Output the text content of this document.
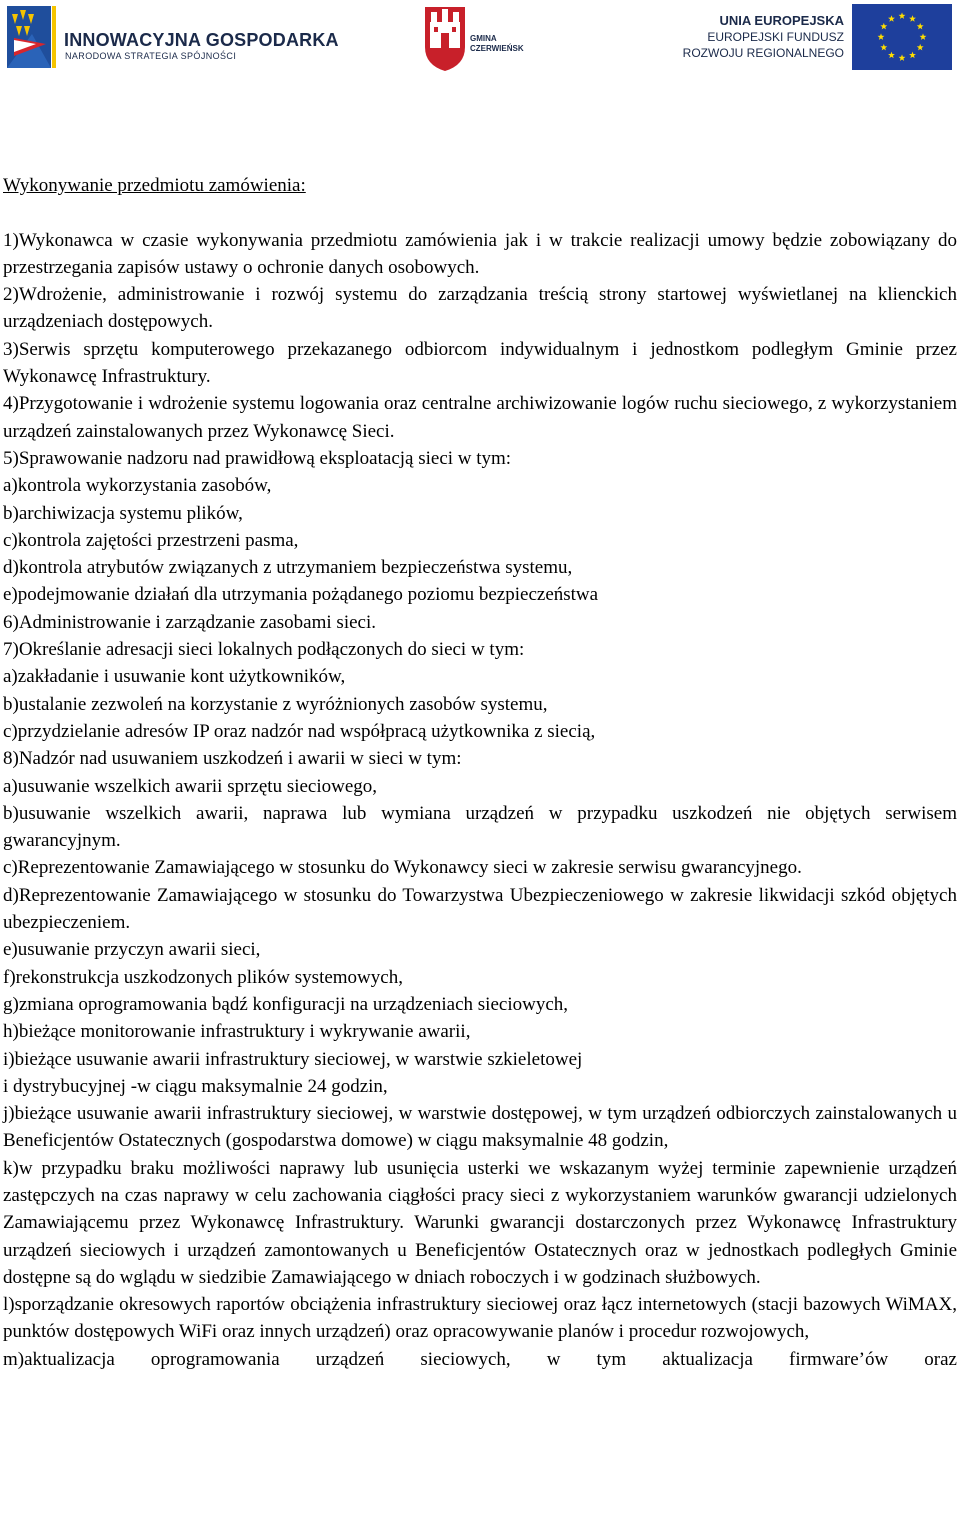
INNOWACYJNA GOSPODARKA
NARODOWA STRATEGIA SPÓJNOŚCI
GMINA
CZERWIEŃSK
UNIA EUROPEJSKA
EUROPEJSKI FUNDUSZ
ROZWOJU REGIONALNEGO
Wykonywanie przedmiotu zamówienia:

1)Wykonawca w czasie wykonywania przedmiotu zamówienia jak i w trakcie realizacji umowy będzie zobowiązany do przestrzegania zapisów ustawy o ochronie danych osobowych.

2)Wdrożenie, administrowanie i rozwój systemu do zarządzania treścią strony startowej wyświetlanej na klienckich urządzeniach dostępowych.

3)Serwis sprzętu komputerowego przekazanego odbiorcom indywidualnym i jednostkom podległym Gminie przez Wykonawcę Infrastruktury.

4)Przygotowanie i wdrożenie systemu logowania oraz centralne archiwizowanie logów ruchu sieciowego, z wykorzystaniem urządzeń zainstalowanych przez Wykonawcę Sieci.

5)Sprawowanie nadzoru nad prawidłową eksploatacją sieci w tym:

a)kontrola wykorzystania zasobów,

b)archiwizacja systemu plików,

c)kontrola zajętości przestrzeni pasma,

d)kontrola atrybutów związanych z utrzymaniem bezpieczeństwa systemu,

e)podejmowanie działań dla utrzymania pożądanego poziomu bezpieczeństwa

6)Administrowanie i zarządzanie zasobami sieci.

7)Określanie adresacji sieci lokalnych podłączonych do sieci w tym:

a)zakładanie i usuwanie kont użytkowników,

b)ustalanie zezwoleń na korzystanie z wyróżnionych zasobów systemu,

c)przydzielanie adresów IP oraz nadzór nad współpracą użytkownika z siecią,

8)Nadzór nad usuwaniem uszkodzeń i awarii w sieci w tym:

a)usuwanie wszelkich awarii sprzętu sieciowego,

b)usuwanie wszelkich awarii, naprawa lub wymiana urządzeń w przypadku uszkodzeń nie objętych serwisem gwarancyjnym.

c)Reprezentowanie Zamawiającego w stosunku do Wykonawcy sieci w zakresie serwisu gwarancyjnego.

d)Reprezentowanie Zamawiającego w stosunku do Towarzystwa Ubezpieczeniowego w zakresie likwidacji szkód objętych ubezpieczeniem.

e)usuwanie przyczyn awarii sieci,

f)rekonstrukcja uszkodzonych plików systemowych,

g)zmiana oprogramowania bądź konfiguracji na urządzeniach sieciowych,

h)bieżące monitorowanie infrastruktury i wykrywanie awarii,

i)bieżące usuwanie awarii infrastruktury sieciowej, w warstwie szkieletowej

i dystrybucyjnej -w ciągu maksymalnie 24 godzin,

j)bieżące usuwanie awarii infrastruktury sieciowej, w warstwie dostępowej, w tym urządzeń odbiorczych zainstalowanych u Beneficjentów Ostatecznych (gospodarstwa domowe) w ciągu maksymalnie 48 godzin,

k)w przypadku braku możliwości naprawy lub usunięcia usterki we wskazanym wyżej terminie zapewnienie urządzeń zastępczych na czas naprawy w celu zachowania ciągłości pracy sieci z wykorzystaniem warunków gwarancji udzielonych Zamawiającemu przez Wykonawcę Infrastruktury. Warunki gwarancji dostarczonych przez Wykonawcę Infrastruktury urządzeń sieciowych i urządzeń zamontowanych u Beneficjentów Ostatecznych oraz w jednostkach podległych Gminie dostępne są do wglądu w siedzibie Zamawiającego w dniach roboczych i w godzinach służbowych.

l)sporządzanie okresowych raportów obciążenia infrastruktury sieciowej oraz łącz internetowych (stacji bazowych WiMAX, punktów dostępowych WiFi oraz innych urządzeń) oraz opracowywanie planów i procedur rozwojowych,

m)aktualizacja oprogramowania urządzeń sieciowych, w tym aktualizacja firmware’ów oraz
